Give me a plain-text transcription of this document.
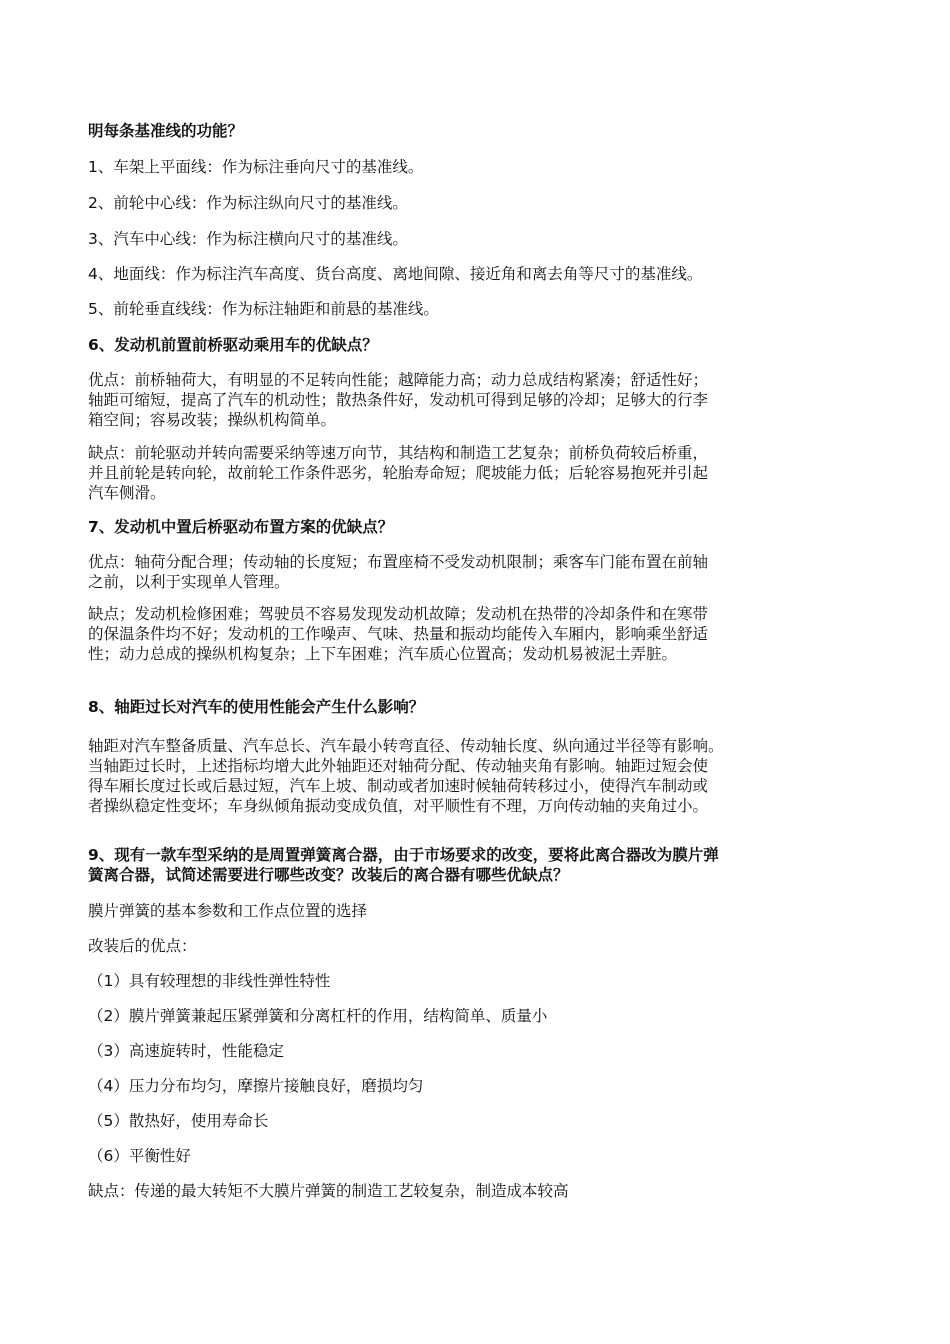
明每条基准线的功能？

1、车架上平面线：作为标注垂向尺寸的基准线。

2、前轮中心线：作为标注纵向尺寸的基准线。

3、汽车中心线：作为标注横向尺寸的基准线。

4、地面线：作为标注汽车高度、货台高度、离地间隙、接近角和离去角等尺寸的基准线。

5、前轮垂直线线：作为标注轴距和前悬的基准线。

6、发动机前置前桥驱动乘用车的优缺点？

优点：前桥轴荷大，有明显的不足转向性能；越障能力高；动力总成结构紧凑；舒适性好；
轴距可缩短，提高了汽车的机动性；散热条件好，发动机可得到足够的冷却；足够大的行李
箱空间；容易改装；操纵机构简单。
缺点：前轮驱动并转向需要采纳等速万向节，其结构和制造工艺复杂；前桥负荷较后桥重，
并且前轮是转向轮，故前轮工作条件恶劣，轮胎寿命短；爬坡能力低；后轮容易抱死并引起
汽车侧滑。

7、发动机中置后桥驱动布置方案的优缺点？

优点：轴荷分配合理；传动轴的长度短；布置座椅不受发动机限制；乘客车门能布置在前轴
之前，以利于实现单人管理。
缺点；发动机检修困难；驾驶员不容易发现发动机故障；发动机在热带的冷却条件和在寒带
的保温条件均不好；发动机的工作噪声、气味、热量和振动均能传入车厢内，影响乘坐舒适
性；动力总成的操纵机构复杂；上下车困难；汽车质心位置高；发动机易被泥土弄脏。

8、轴距过长对汽车的使用性能会产生什么影响？

轴距对汽车整备质量、汽车总长、汽车最小转弯直径、传动轴长度、纵向通过半径等有影响。
当轴距过长时，上述指标均增大此外轴距还对轴荷分配、传动轴夹角有影响。轴距过短会使
得车厢长度过长或后悬过短，汽车上坡、制动或者加速时候轴荷转移过小，使得汽车制动或
者操纵稳定性变坏；车身纵倾角振动变成负值，对平顺性有不理，万向传动轴的夹角过小。
9、现有一款车型采纳的是周置弹簧离合器，由于市场要求的改变，要将此离合器改为膜片弹
簧离合器，试简述需要进行哪些改变？改装后的离合器有哪些优缺点？

膜片弹簧的基本参数和工作点位置的选择

改装后的优点：

（1）具有较理想的非线性弹性特性

（2）膜片弹簧兼起压紧弹簧和分离杠杆的作用，结构简单、质量小

（3）高速旋转时，性能稳定

（4）压力分布均匀，摩擦片接触良好，磨损均匀

（5）散热好，使用寿命长

（6）平衡性好

缺点：传递的最大转矩不大膜片弹簧的制造工艺较复杂，制造成本较高
